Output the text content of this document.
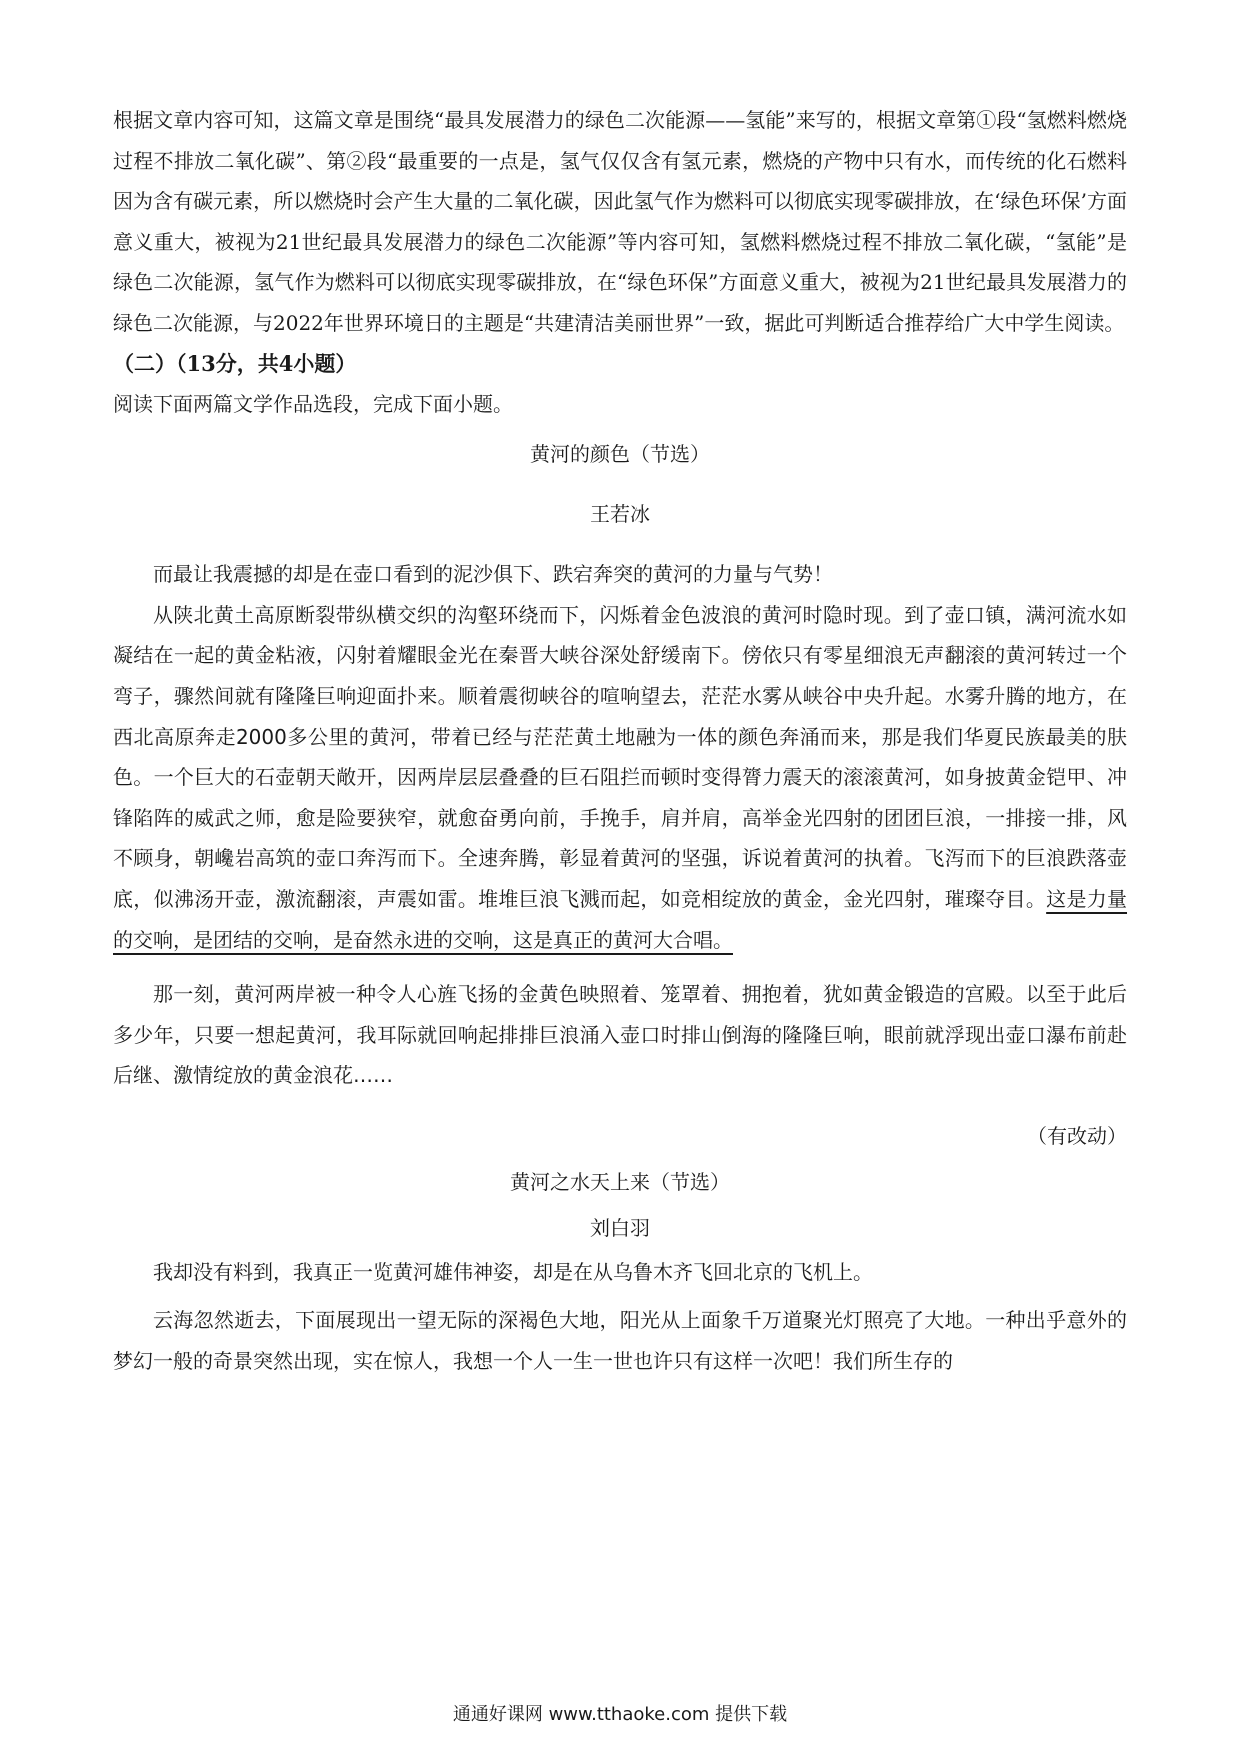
根据文章内容可知，这篇文章是围绕“最具发展潜力的绿色二次能源——氢能”来写的，根据文章第①段“氢燃料燃烧过程不排放二氧化碳”、第②段“最重要的一点是，氢气仅仅含有氢元素，燃烧的产物中只有水，而传统的化石燃料因为含有碳元素，所以燃烧时会产生大量的二氧化碳，因此氢气作为燃料可以彻底实现零碳排放，在‘绿色环保’方面意义重大，被视为21世纪最具发展潜力的绿色二次能源”等内容可知，氢燃料燃烧过程不排放二氧化碳，“氢能”是绿色二次能源，氢气作为燃料可以彻底实现零碳排放，在“绿色环保”方面意义重大，被视为21世纪最具发展潜力的绿色二次能源，与2022年世界环境日的主题是“共建清洁美丽世界”一致，据此可判断适合推荐给广大中学生阅读。

（二）（13分，共4小题）

阅读下面两篇文学作品选段，完成下面小题。

黄河的颜色（节选）

王若冰

而最让我震撼的却是在壶口看到的泥沙俱下、跌宕奔突的黄河的力量与气势！

从陕北黄土高原断裂带纵横交织的沟壑环绕而下，闪烁着金色波浪的黄河时隐时现。到了壶口镇，满河流水如凝结在一起的黄金粘液，闪射着耀眼金光在秦晋大峡谷深处舒缓南下。傍依只有零星细浪无声翻滚的黄河转过一个弯子，骤然间就有隆隆巨响迎面扑来。顺着震彻峡谷的喧响望去，茫茫水雾从峡谷中央升起。水雾升腾的地方，在西北高原奔走2000多公里的黄河，带着已经与茫茫黄土地融为一体的颜色奔涌而来，那是我们华夏民族最美的肤色。一个巨大的石壶朝天敞开，因两岸层层叠叠的巨石阻拦而顿时变得膂力震天的滚滚黄河，如身披黄金铠甲、冲锋陷阵的威武之师，愈是险要狭窄，就愈奋勇向前，手挽手，肩并肩，高举金光四射的团团巨浪，一排接一排，风不顾身，朝巉岩高筑的壶口奔泻而下。全速奔腾，彰显着黄河的坚强，诉说着黄河的执着。飞泻而下的巨浪跌落壶底，似沸汤开壶，激流翻滚，声震如雷。堆堆巨浪飞溅而起，如竞相绽放的黄金，金光四射，璀璨夺目。这是力量的交响，是团结的交响，是奋然永进的交响，这是真正的黄河大合唱。

那一刻，黄河两岸被一种令人心旌飞扬的金黄色映照着、笼罩着、拥抱着，犹如黄金锻造的宫殿。以至于此后多少年，只要一想起黄河，我耳际就回响起排排巨浪涌入壶口时排山倒海的隆隆巨响，眼前就浮现出壶口瀑布前赴后继、激情绽放的黄金浪花……

（有改动）

黄河之水天上来（节选）

刘白羽

我却没有料到，我真正一览黄河雄伟神姿，却是在从乌鲁木齐飞回北京的飞机上。

云海忽然逝去，下面展现出一望无际的深褐色大地，阳光从上面象千万道聚光灯照亮了大地。一种出乎意外的梦幻一般的奇景突然出现，实在惊人，我想一个人一生一世也许只有这样一次吧！我们所生存的

通通好课网 www.tthaoke.com 提供下载
